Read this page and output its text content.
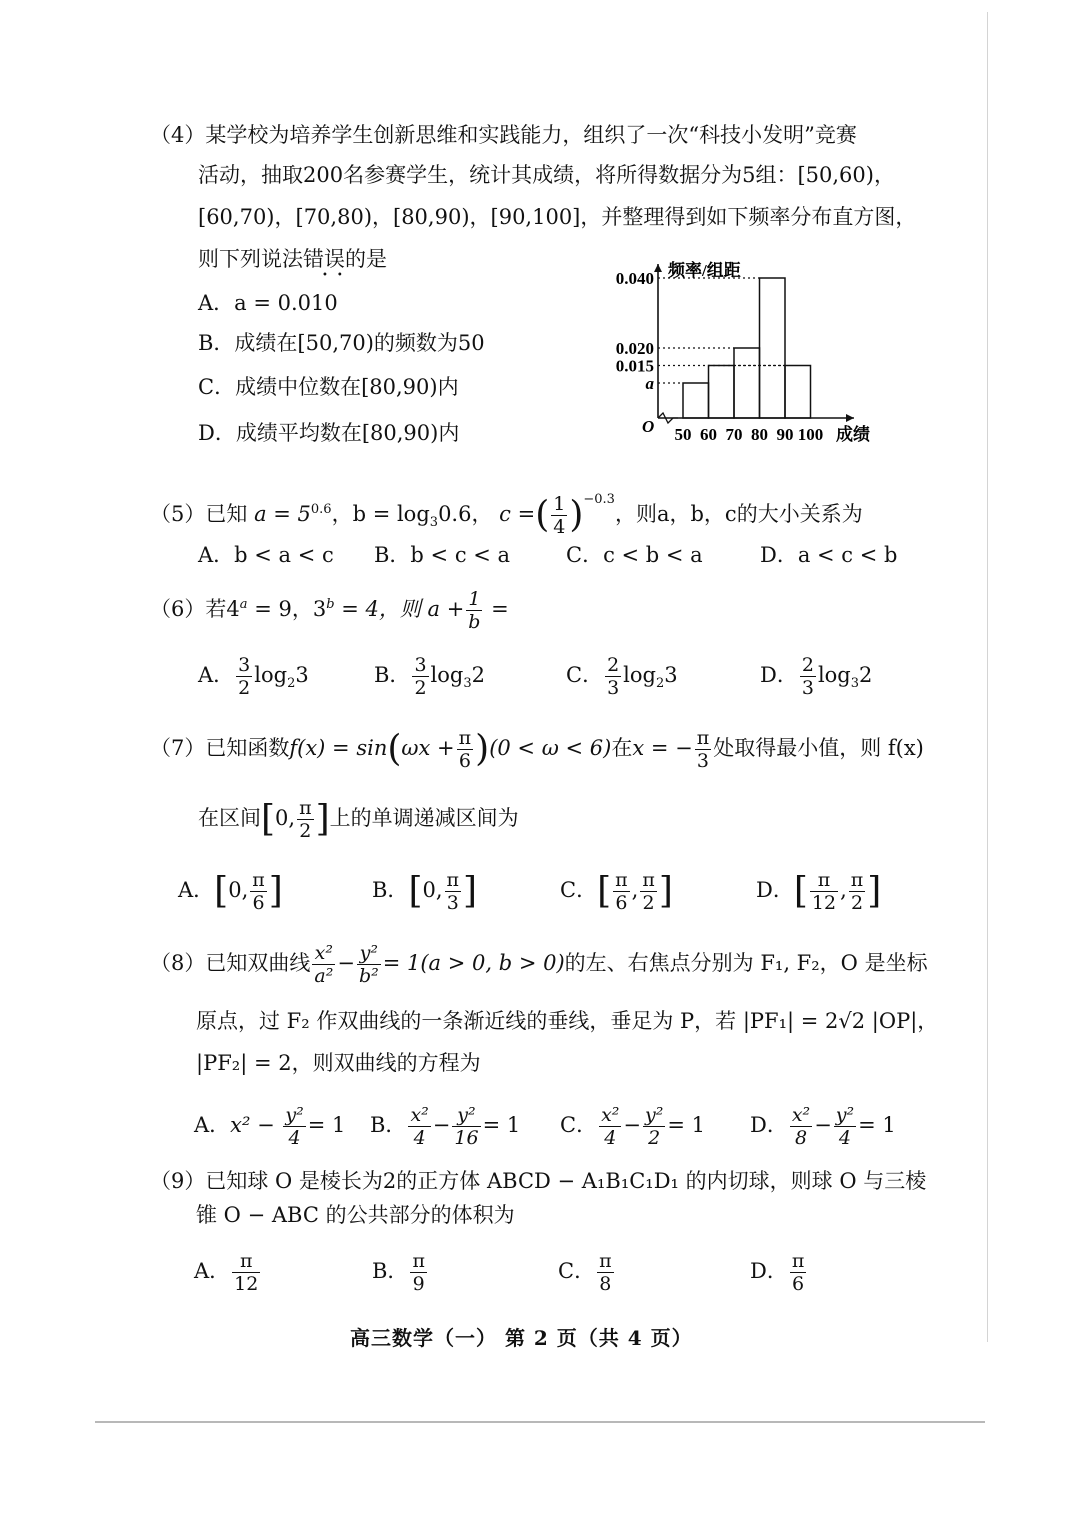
（4）某学校为培养学生创新思维和实践能力，组织了一次“科技小发明”竞赛
活动，抽取200名参赛学生，统计其成绩，将所得数据分为5组：[50,60)，
[60,70)，[70,80)，[80,90)，[90,100]，并整理得到如下频率分布直方图，
则下列说法错误的是
••
A．a = 0.010
B．成绩在[50,70)的频数为50
C．成绩中位数在[80,90)内
D．成绩平均数在[80,90)内
频率/组距
成绩
O
0.040
0.020
0.015
a
50 60 70 80 90 100
（5）已知 $a = 5^{0.6}$，$b = \log_30.6$， c =( $\frac{1}{4} )^{-0.3}$，则a，b，c的大小关系为
A．b < a < c B．b < c < a	C．c < b < a	D．a < c < b
（6）若$4^a = 9$，$3^b = 4$，则 $a + \frac{1}{b}$ =
A． $\frac{3}{2} \log_23$	B． $\frac{3}{2} \log_32$	C． $\frac{2}{3} \log_23$	D． $\frac{2}{3} \log_32$
（7）已知函数$f(x) = \sin(\omega x + \frac{\pi}{6} )(0 < \omega < 6)$在x = − $\frac{\pi}{3}$ 处取得最小值，则 f(x)
在区间[0, $\frac{\pi}{2}$ ]上的单调递减区间为
A．[0, $\frac{\pi}{6}$ ]	B．[0, $\frac{\pi}{3}$ ]	C．[ $\frac{\pi}{6}$ , $\frac{\pi}{2}$ ]	D．[ $\frac{\pi}{12}$ , $\frac{\pi}{2}$ ]
（8）已知双曲线 $\frac{\text{x²}}{\text{a²}} - \frac{\text{y²}}{\text{b²}} = 1(a > 0$, b > 0)的左、右焦点分别为 F₁, F₂，O 是坐标
原点，过 F₂ 作双曲线的一条渐近线的垂线，垂足为 P，若 |PF₁| = 2√2 |OP|，
|PF₂| = 2，则双曲线的方程为
A．$x^2 - \frac{\text{y²}}{4} = 1$ B． $\frac{\text{x²}}{4} - \frac{\text{y²}}{16} = 1$ C． $\frac{\text{x²}}{4} - \frac{\text{y²}}{2} = 1$ D． $\frac{\text{x²}}{8} - \frac{\text{y²}}{4} = 1$
（9）已知球 O 是棱长为2的正方体 ABCD − A₁B₁C₁D₁ 的内切球，则球 O 与三棱
锥 O − ABC 的公共部分的体积为
A． $\frac{\pi}{12}$	B． $\frac{\pi}{9}$	C． $\frac{\pi}{8}$	D． $\frac{\pi}{6}$
高三数学（一） 第 2 页（共 4 页）
